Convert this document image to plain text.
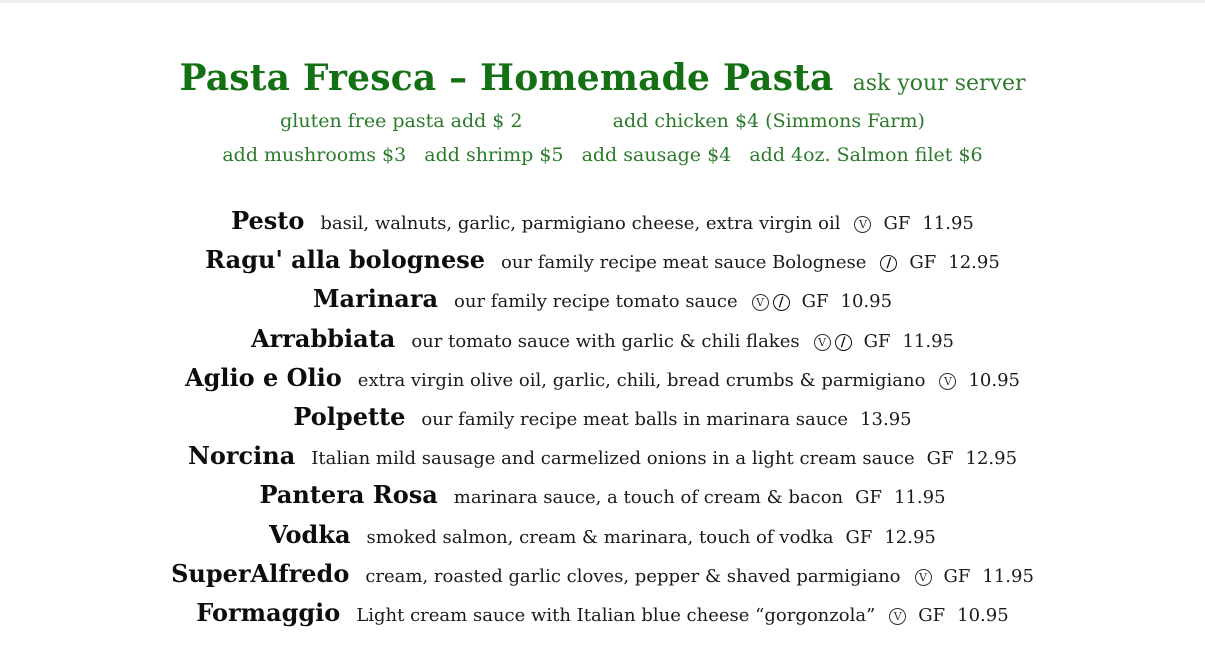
Pasta Fresca – Homemade Pasta ask your server
gluten free pasta add $ 2	add chicken $4 (Simmons Farm)
add mushrooms $3 add shrimp $5 add sausage $4 add 4oz. Salmon filet $6
Pesto basil, walnuts, garlic, parmigiano cheese, extra virgin oil V GF 11.95
Ragu' alla bolognese our family recipe meat sauce Bolognese / GF 12.95
Marinara our family recipe tomato sauce V / GF 10.95
Arrabbiata our tomato sauce with garlic & chili flakes V / GF 11.95
Aglio e Olio extra virgin olive oil, garlic, chili, bread crumbs & parmigiano V 10.95
Polpette our family recipe meat balls in marinara sauce 13.95
Norcina Italian mild sausage and carmelized onions in a light cream sauce GF 12.95
Pantera Rosa marinara sauce, a touch of cream & bacon GF 11.95
Vodka smoked salmon, cream & marinara, touch of vodka GF 12.95
SuperAlfredo cream, roasted garlic cloves, pepper & shaved parmigiano V GF 11.95
Formaggio Light cream sauce with Italian blue cheese “gorgonzola” V GF 10.95
